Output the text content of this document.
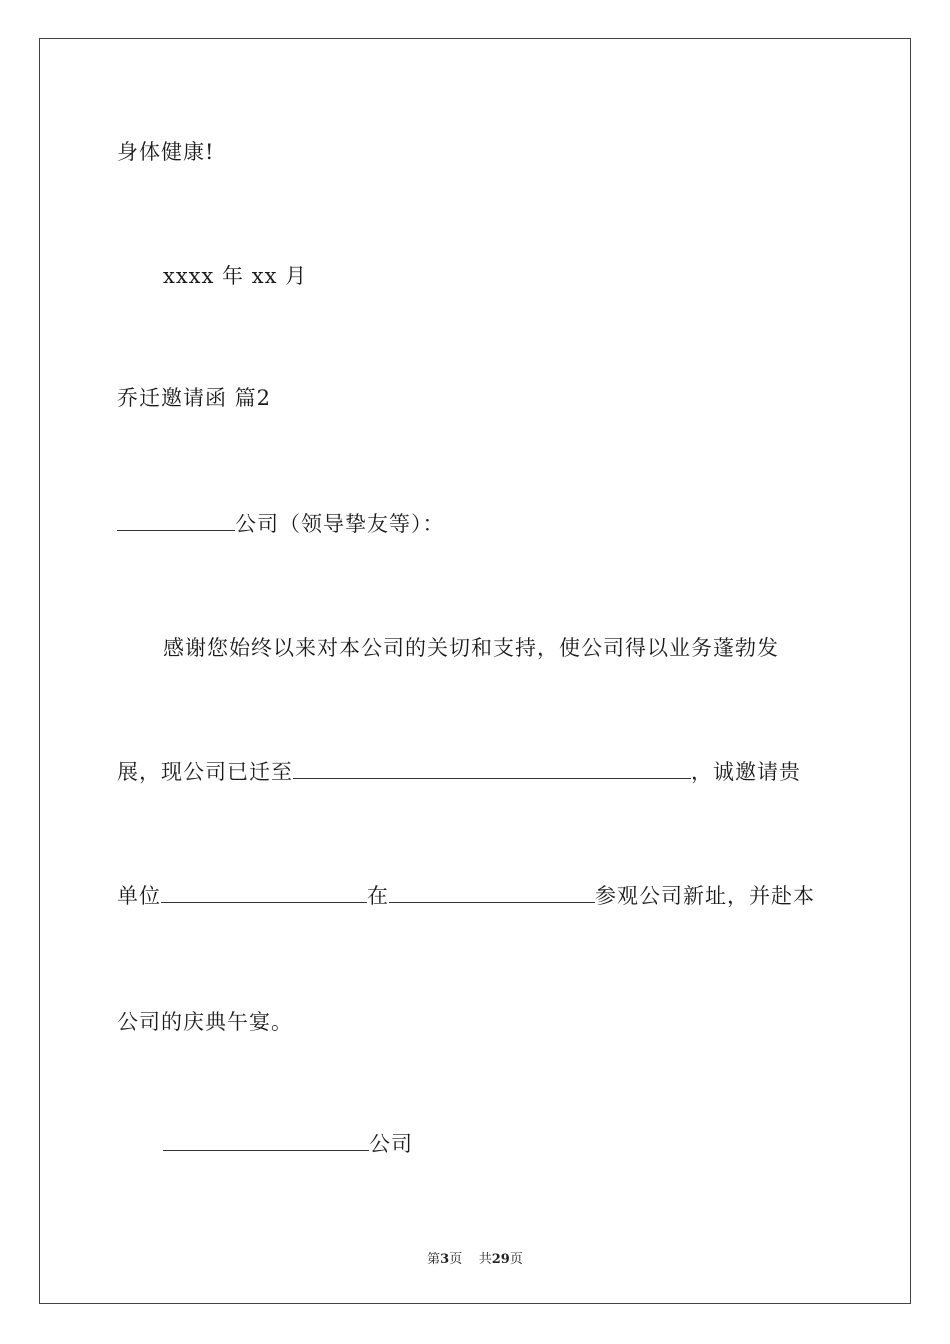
身体健康!
xxxx 年 xx 月
乔迁邀请函 篇2
公司（领导挚友等）：
感谢您始终以来对本公司的关切和支持，使公司得以业务蓬勃发
展，现公司已迁至	，诚邀请贵
单位	在	参观公司新址，并赴本
公司的庆典午宴。
公司
第3页 共29页
